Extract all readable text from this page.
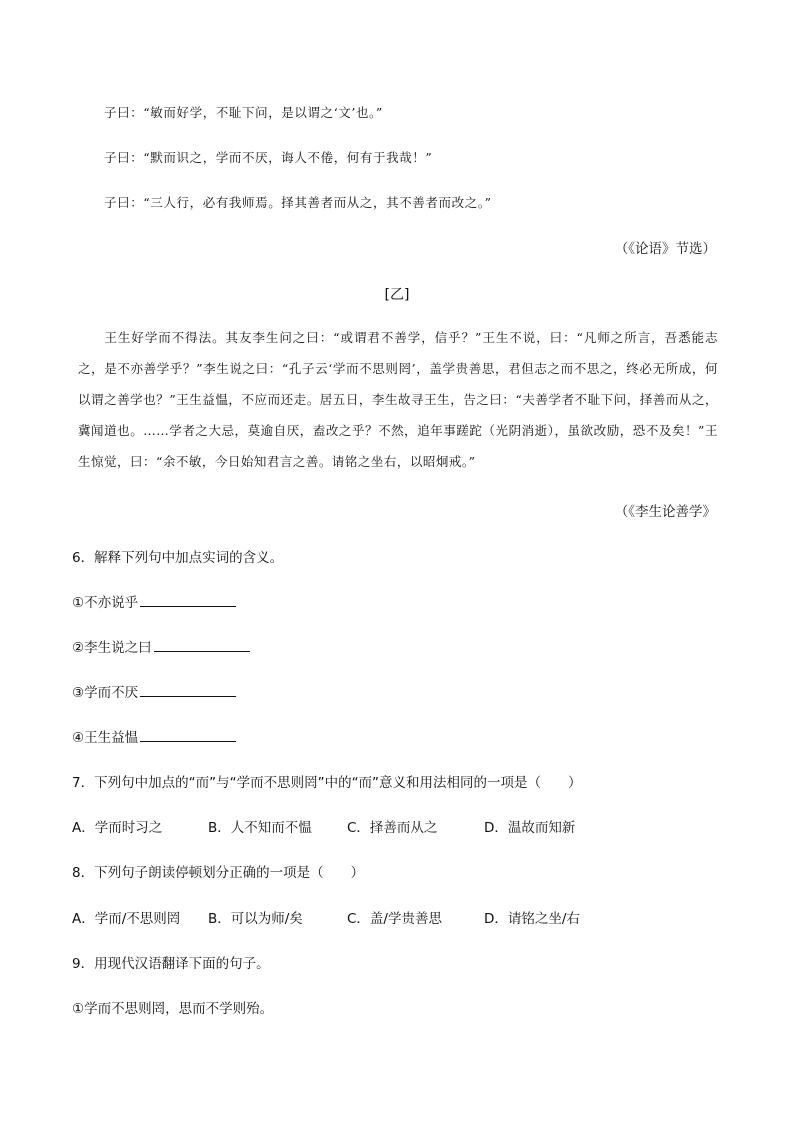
子曰：“敏而好学，不耻下问，是以谓之‘文’也。”
子曰：“默而识之，学而不厌，诲人不倦，何有于我哉！”
子曰：“三人行，必有我师焉。择其善者而从之，其不善者而改之。”
（《论语》节选）
[乙]
王生好学而不得法。其友李生问之曰：“或谓君不善学，信乎？”王生不说，曰：“凡师之所言，吾悉能志之，是不亦善学乎？”李生说之曰：“孔子云‘学而不思则罔’，盖学贵善思，君但志之而不思之，终必无所成，何以谓之善学也？”王生益愠，不应而还走。居五日，李生故寻王生，告之曰：“夫善学者不耻下问，择善而从之，冀闻道也。……学者之大忌，莫逾自厌，盍改之乎？不然，追年事蹉跎（光阴消逝），虽欲改励，恐不及矣！”王生惊觉，曰：“余不敏，今日始知君言之善。请铭之坐右，以昭炯戒。”
（《李生论善学》
6．解释下列句中加点实词的含义。
①不亦说乎
②李生说之曰
③学而不厌
④王生益愠
7．下列句中加点的“而”与“学而不思则罔”中的“而”意义和用法相同的一项是（　　）
A．学而时习之	B．人不知而不愠	C．择善而从之	D．温故而知新
8．下列句子朗读停顿划分正确的一项是（　　）
A．学而/不思则罔 B．可以为师/矣	C．盖/学贵善思	D．请铭之坐/右
9．用现代汉语翻译下面的句子。
①学而不思则罔，思而不学则殆。
